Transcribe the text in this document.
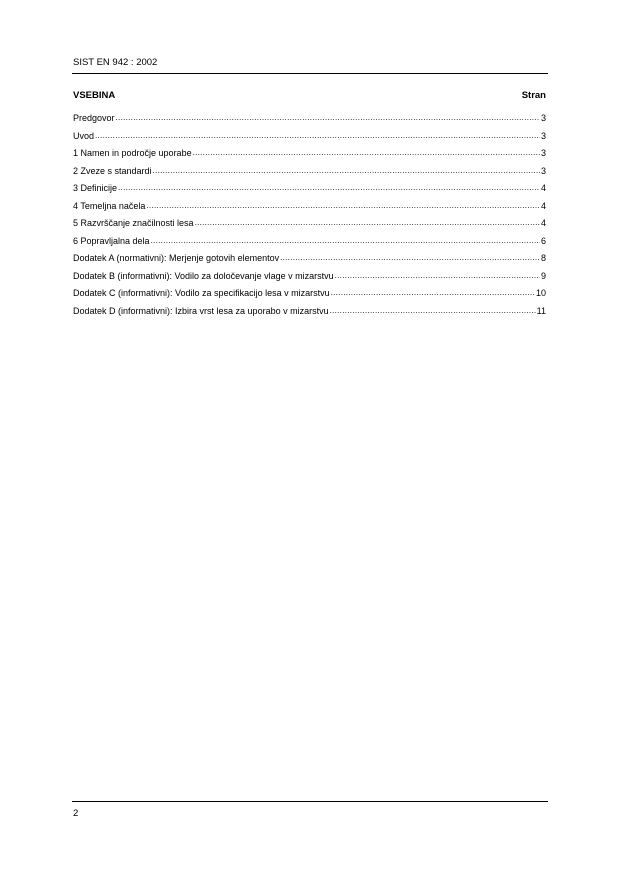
SIST EN 942 : 2002
VSEBINA	Stran
Predgovor .....	3
Uvod .....	3
1 Namen in področje uporabe .....	3
2 Zveze s standardi .....	3
3 Definicije .....	4
4 Temeljna načela .....	4
5 Razvrščanje značilnosti lesa .....	4
6 Popravljalna dela .....	6
Dodatek A (normativni): Merjenje gotovih elementov .....	8
Dodatek B (informativni): Vodilo za določevanje vlage v mizarstvu .....	9
Dodatek C (informativni): Vodilo za specifikacijo lesa v mizarstvu .....	10
Dodatek D (informativni): Izbira vrst lesa za uporabo v mizarstvu .....	11
2
